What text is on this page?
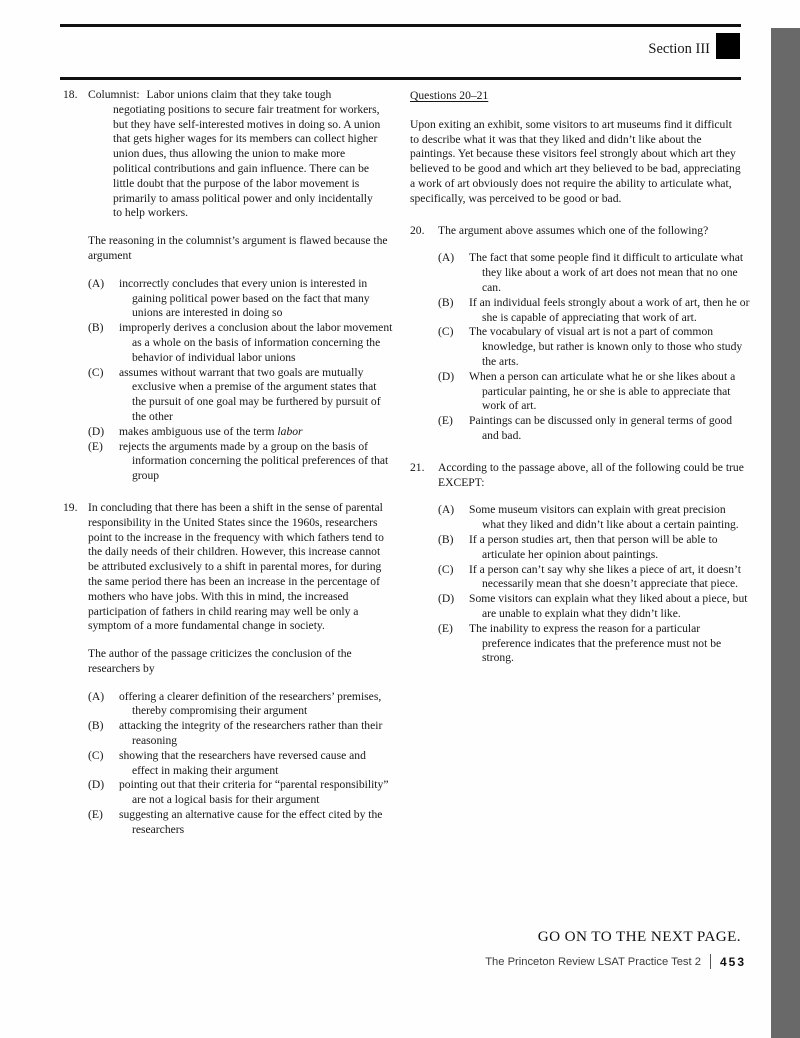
Section III
18. Columnist: Labor unions claim that they take tough negotiating positions to secure fair treatment for workers, but they have self-interested motives in doing so. A union that gets higher wages for its members can collect higher union dues, thus allowing the union to make more political contributions and gain influence. There can be little doubt that the purpose of the labor movement is primarily to amass political power and only incidentally to help workers.
The reasoning in the columnist’s argument is flawed because the argument
(A)	incorrectly concludes that every union is interested in gaining political power based on the fact that many unions are interested in doing so
(B)	improperly derives a conclusion about the labor movement as a whole on the basis of information concerning the behavior of individual labor unions
(C)	assumes without warrant that two goals are mutually exclusive when a premise of the argument states that the pursuit of one goal may be furthered by pursuit of the other
(D)	makes ambiguous use of the term labor
(E)	rejects the arguments made by a group on the basis of information concerning the political preferences of that group
19. In concluding that there has been a shift in the sense of parental responsibility in the United States since the 1960s, researchers point to the increase in the frequency with which fathers tend to the daily needs of their children. However, this increase cannot be attributed exclusively to a shift in parental mores, for during the same period there has been an increase in the percentage of mothers who have jobs. With this in mind, the increased participation of fathers in child rearing may well be only a symptom of a more fundamental change in society.
The author of the passage criticizes the conclusion of the researchers by
(A)	offering a clearer definition of the researchers’ premises, thereby compromising their argument
(B)	attacking the integrity of the researchers rather than their reasoning
(C)	showing that the researchers have reversed cause and effect in making their argument
(D)	pointing out that their criteria for “parental responsibility” are not a logical basis for their argument
(E)	suggesting an alternative cause for the effect cited by the researchers
Questions 20–21
Upon exiting an exhibit, some visitors to art museums find it difficult to describe what it was that they liked and didn’t like about the paintings. Yet because these visitors feel strongly about which art they believed to be good and which art they believed to be bad, appreciating a work of art obviously does not require the ability to articulate what, specifically, was perceived to be good or bad.
20.	The argument above assumes which one of the following?
(A)	The fact that some people find it difficult to articulate what they like about a work of art does not mean that no one can.
(B)	If an individual feels strongly about a work of art, then he or she is capable of appreciating that work of art.
(C)	The vocabulary of visual art is not a part of common knowledge, but rather is known only to those who study the arts.
(D)	When a person can articulate what he or she likes about a particular painting, he or she is able to appreciate that work of art.
(E)	Paintings can be discussed only in general terms of good and bad.
21.	According to the passage above, all of the following could be true EXCEPT:
(A)	Some museum visitors can explain with great precision what they liked and didn’t like about a certain painting.
(B)	If a person studies art, then that person will be able to articulate her opinion about paintings.
(C)	If a person can’t say why she likes a piece of art, it doesn’t necessarily mean that she doesn’t appreciate that piece.
(D)	Some visitors can explain what they liked about a piece, but are unable to explain what they didn’t like.
(E)	The inability to express the reason for a particular preference indicates that the preference must not be strong.
GO ON TO THE NEXT PAGE.
The Princeton Review LSAT Practice Test 2 453
